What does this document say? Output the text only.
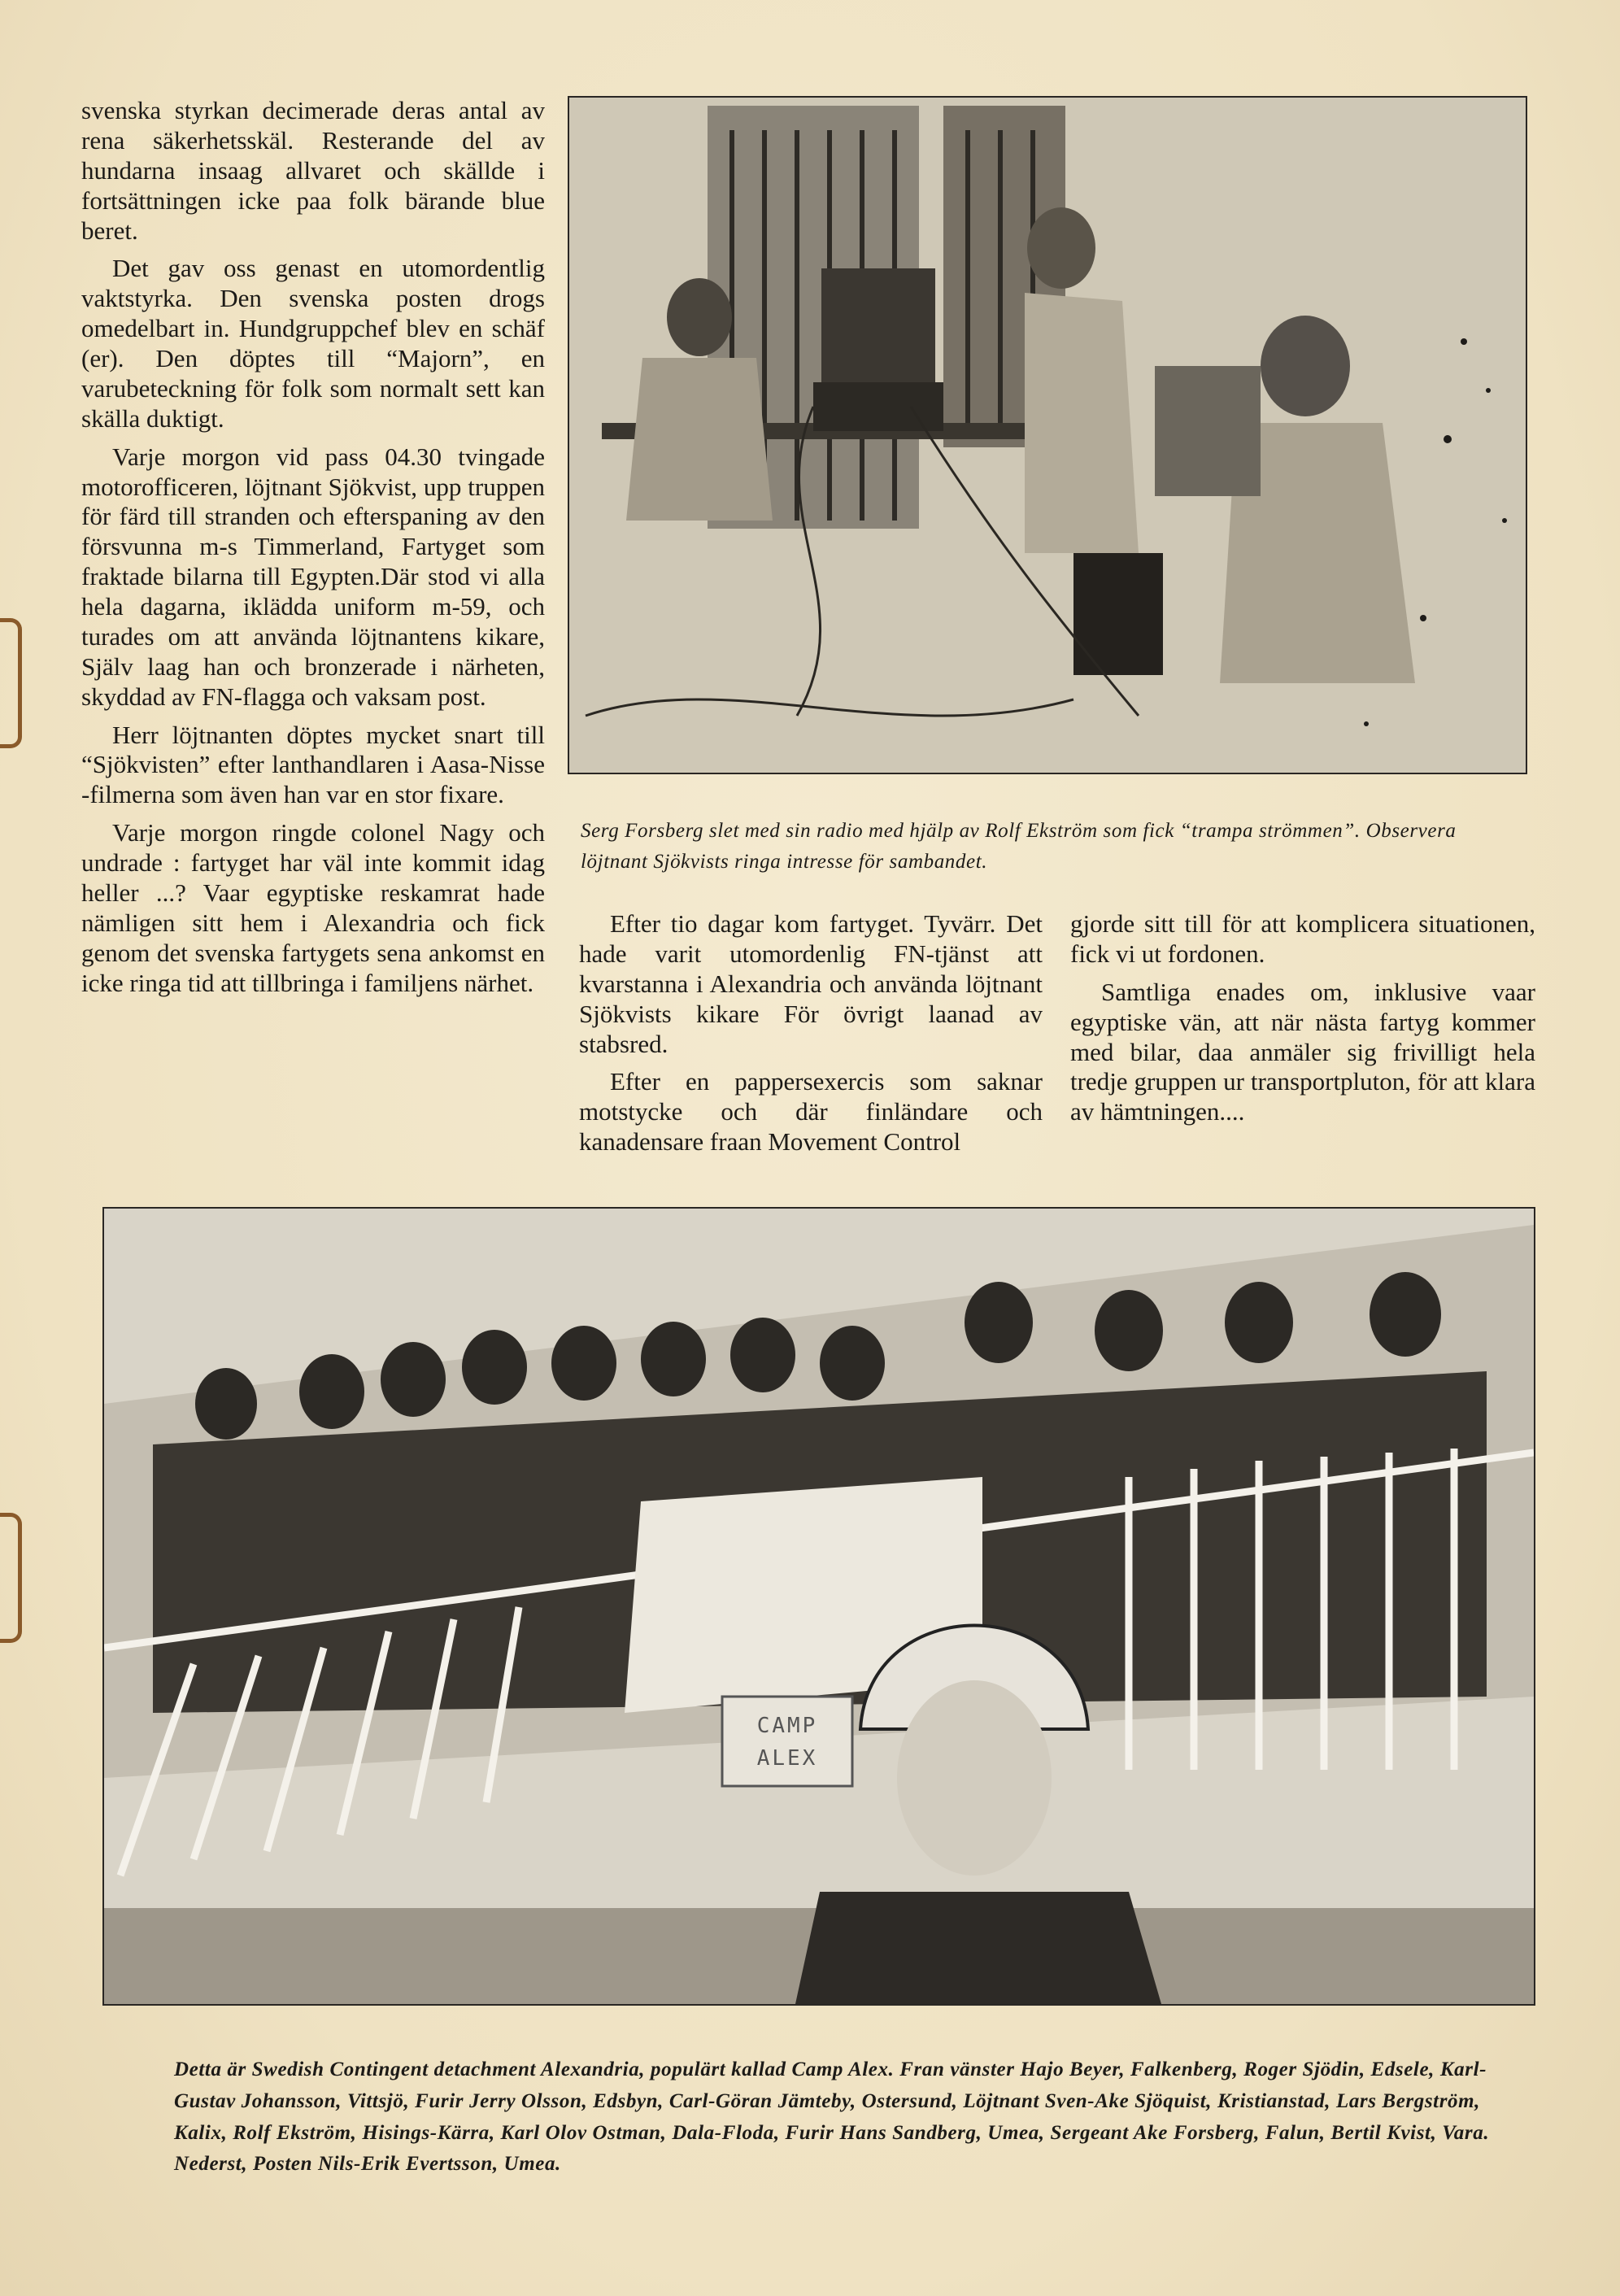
svenska styrkan decimerade deras antal av rena säkerhetsskäl. Resterande del av hundarna insaag allvaret och skällde i fortsättningen icke paa folk bärande blue beret.

Det gav oss genast en utomordentlig vaktstyrka. Den svenska posten drogs omedelbart in. Hundgruppchef blev en schäf (er). Den döptes till “Majorn”, en varubeteckning för folk som normalt sett kan skälla duktigt.

Varje morgon vid pass 04.30 tvingade motorofficeren, löjtnant Sjökvist, upp truppen för färd till stranden och efterspaning av den försvunna m-s Timmerland, Fartyget som fraktade bilarna till Egypten.Där stod vi alla hela dagarna, iklädda uniform m-59, och turades om att använda löjtnantens kikare, Själv laag han och bronzerade i närheten, skyddad av FN-flagga och vaksam post.

Herr löjtnanten döptes mycket snart till “Sjökvisten” efter lanthandlaren i Aasa-Nisse -filmerna som även han var en stor fixare.

Varje morgon ringde colonel Nagy och undrade : fartyget har väl inte kommit idag heller ...? Vaar egyptiske reskamrat hade nämligen sitt hem i Alexandria och fick genom det svenska fartygets sena ankomst en icke ringa tid att tillbringa i familjens närhet.

Serg Forsberg slet med sin radio med hjälp av Rolf Ekström som fick “trampa strömmen”. Observera löjtnant Sjökvists ringa intresse för sambandet.

Efter tio dagar kom fartyget. Tyvärr. Det hade varit utomordenlig FN-tjänst att kvarstanna i Alexandria och använda löjtnant Sjökvists kikare För övrigt laanad av stabsred.

Efter en pappersexercis som saknar motstycke och där finländare och kanadensare fraan Movement Control

gjorde sitt till för att komplicera situationen, fick vi ut fordonen.

Samtliga enades om, inklusive vaar egyptiske vän, att när nästa fartyg kommer med bilar, daa anmäler sig frivilligt hela tredje gruppen ur transportpluton, för att klara av hämtningen....

CAMP ALEX
Detta är Swedish Contingent detachment Alexandria, populärt kallad Camp Alex. Fran vänster Hajo Beyer, Falkenberg, Roger Sjödin, Edsele, Karl-Gustav Johansson, Vittsjö, Furir Jerry Olsson, Edsbyn, Carl-Göran Jämteby, Ostersund, Löjtnant Sven-Ake Sjöquist, Kristianstad, Lars Bergström, Kalix, Rolf Ekström, Hisings-Kärra, Karl Olov Ostman, Dala-Floda, Furir Hans Sandberg, Umea, Sergeant Ake Forsberg, Falun, Bertil Kvist, Vara. Nederst, Posten Nils-Erik Evertsson, Umea.
